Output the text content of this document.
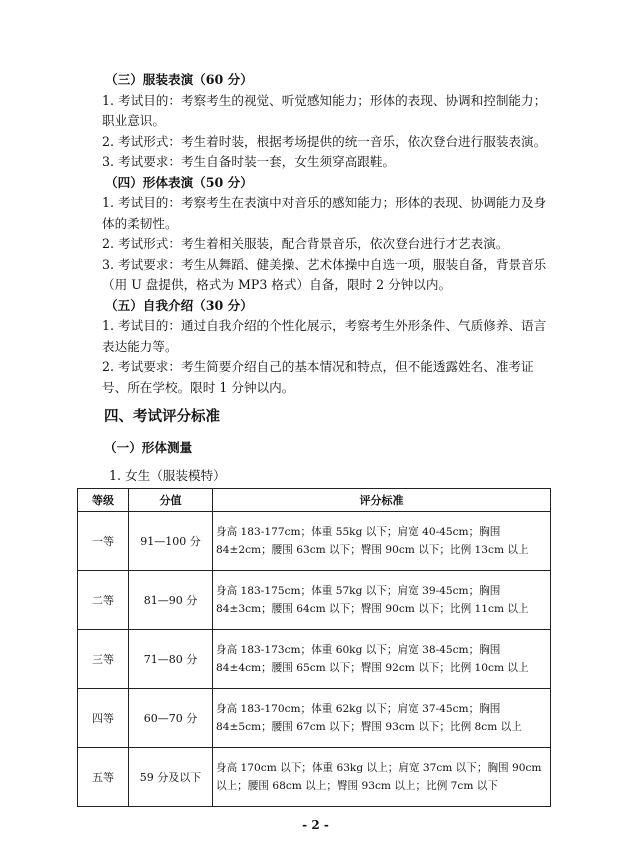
（三）服装表演（60 分）
1. 考试目的：考察考生的视觉、听觉感知能力；形体的表现、协调和控制能力；职业意识。
2. 考试形式：考生着时装，根据考场提供的统一音乐，依次登台进行服装表演。
3. 考试要求：考生自备时装一套，女生须穿高跟鞋。
（四）形体表演（50 分）
1. 考试目的：考察考生在表演中对音乐的感知能力；形体的表现、协调能力及身体的柔韧性。
2. 考试形式：考生着相关服装，配合背景音乐，依次登台进行才艺表演。
3. 考试要求：考生从舞蹈、健美操、艺术体操中自选一项，服装自备，背景音乐（用 U 盘提供，格式为 MP3 格式）自备，限时 2 分钟以内。
（五）自我介绍（30 分）
1. 考试目的：通过自我介绍的个性化展示，考察考生外形条件、气质修养、语言表达能力等。
2. 考试要求：考生简要介绍自己的基本情况和特点，但不能透露姓名、准考证号、所在学校。限时 1 分钟以内。
四、考试评分标准
（一）形体测量
1. 女生（服装模特）
等级	分值	评分标准
一等	91—100 分	身高 183-177cm；体重 55kg 以下；肩宽 40-45cm；胸围 84±2cm；腰围 63cm 以下；臀围 90cm 以下；比例 13cm 以上
二等	81—90 分	身高 183-175cm；体重 57kg 以下；肩宽 39-45cm；胸围 84±3cm；腰围 64cm 以下；臀围 90cm 以下；比例 11cm 以上
三等	71—80 分	身高 183-173cm；体重 60kg 以下；肩宽 38-45cm；胸围 84±4cm；腰围 65cm 以下；臀围 92cm 以下；比例 10cm 以上
四等	60—70 分	身高 183-170cm；体重 62kg 以下；肩宽 37-45cm；胸围 84±5cm；腰围 67cm 以下；臀围 93cm 以下；比例 8cm 以上
五等	59 分及以下	身高 170cm 以下；体重 63kg 以上；肩宽 37cm 以下；胸围 90cm 以上；腰围 68cm 以上；臀围 93cm 以上；比例 7cm 以下
- 2 -
